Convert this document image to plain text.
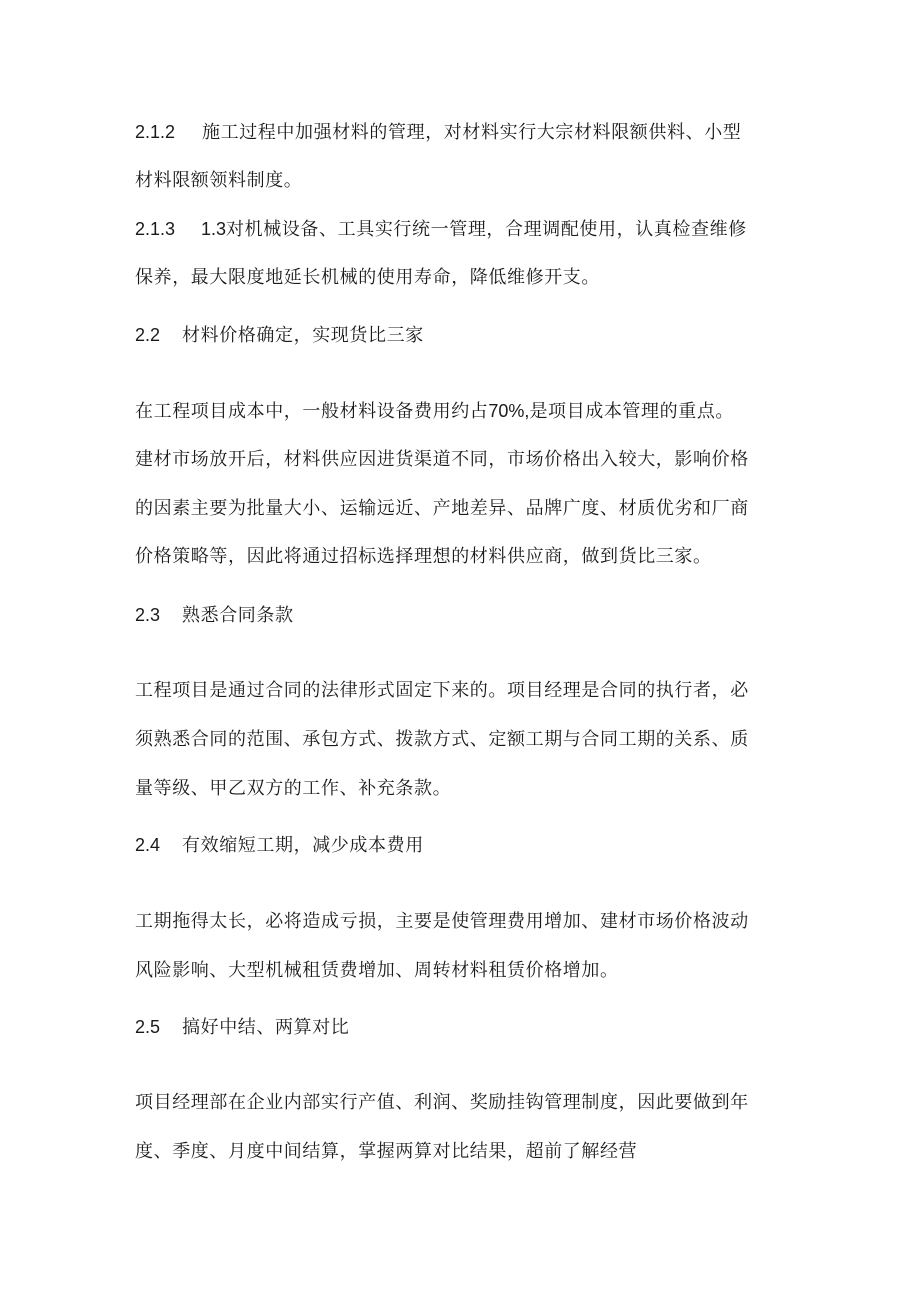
2.1.2 施工过程中加强材料的管理，对材料实行大宗材料限额供料、小型
材料限额领料制度。
2.1.3 1.3对机械设备、工具实行统一管理，合理调配使用，认真检查维修
保养，最大限度地延长机械的使用寿命，降低维修开支。
2.2 材料价格确定，实现货比三家
在工程项目成本中，一般材料设备费用约占70%,是项目成本管理的重点。
建材市场放开后，材料供应因进货渠道不同，市场价格出入较大，影响价格
的因素主要为批量大小、运输远近、产地差异、品牌广度、材质优劣和厂商
价格策略等，因此将通过招标选择理想的材料供应商，做到货比三家。
2.3 熟悉合同条款
工程项目是通过合同的法律形式固定下来的。项目经理是合同的执行者，必
须熟悉合同的范围、承包方式、拨款方式、定额工期与合同工期的关系、质
量等级、甲乙双方的工作、补充条款。
2.4 有效缩短工期，减少成本费用
工期拖得太长，必将造成亏损，主要是使管理费用增加、建材市场价格波动
风险影响、大型机械租赁费增加、周转材料租赁价格增加。
2.5 搞好中结、两算对比
项目经理部在企业内部实行产值、利润、奖励挂钩管理制度，因此要做到年
度、季度、月度中间结算，掌握两算对比结果，超前了解经营
